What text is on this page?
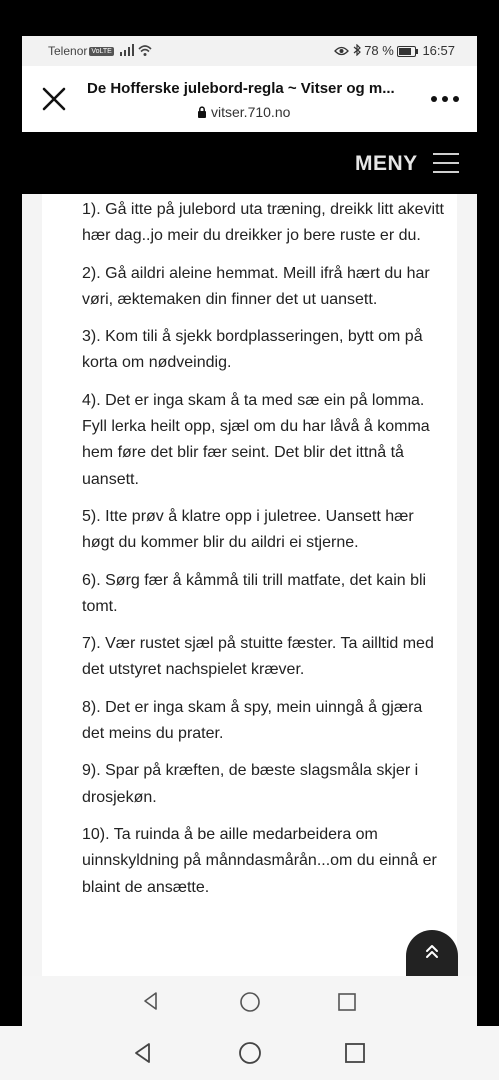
Telenor VoLTE	78 % 16:57
De Hofferske julebord-regla ~ Vitser og m...
vitser.710.no
MENY

1). Gå itte på julebord uta træning, dreikk litt akevitt hær dag..jo meir du dreikker jo bere ruste er du.

2). Gå aildri aleine hemmat. Meill ifrå hært du har vøri, æktemaken din finner det ut uansett.

3). Kom tili å sjekk bordplasseringen, bytt om på korta om nødveindig.

4). Det er inga skam å ta med sæ ein på lomma. Fyll lerka heilt opp, sjæl om du har låvå å komma hem føre det blir fær seint. Det blir det ittnå tå uansett.

5). Itte prøv å klatre opp i juletree. Uansett hær høgt du kommer blir du aildri ei stjerne.

6). Sørg fær å kåmmå tili trill matfate, det kain bli tomt.

7). Vær rustet sjæl på stuitte fæster. Ta ailltid med det utstyret nachspielet kræver.

8). Det er inga skam å spy, mein uinngå å gjæra det meins du prater.

9). Spar på kræften, de bæste slagsmåla skjer i drosjekøn.

10). Ta ruinda å be aille medarbeidera om uinnskyldning på månndasmårån...om du einnå er blaint de ansætte.
